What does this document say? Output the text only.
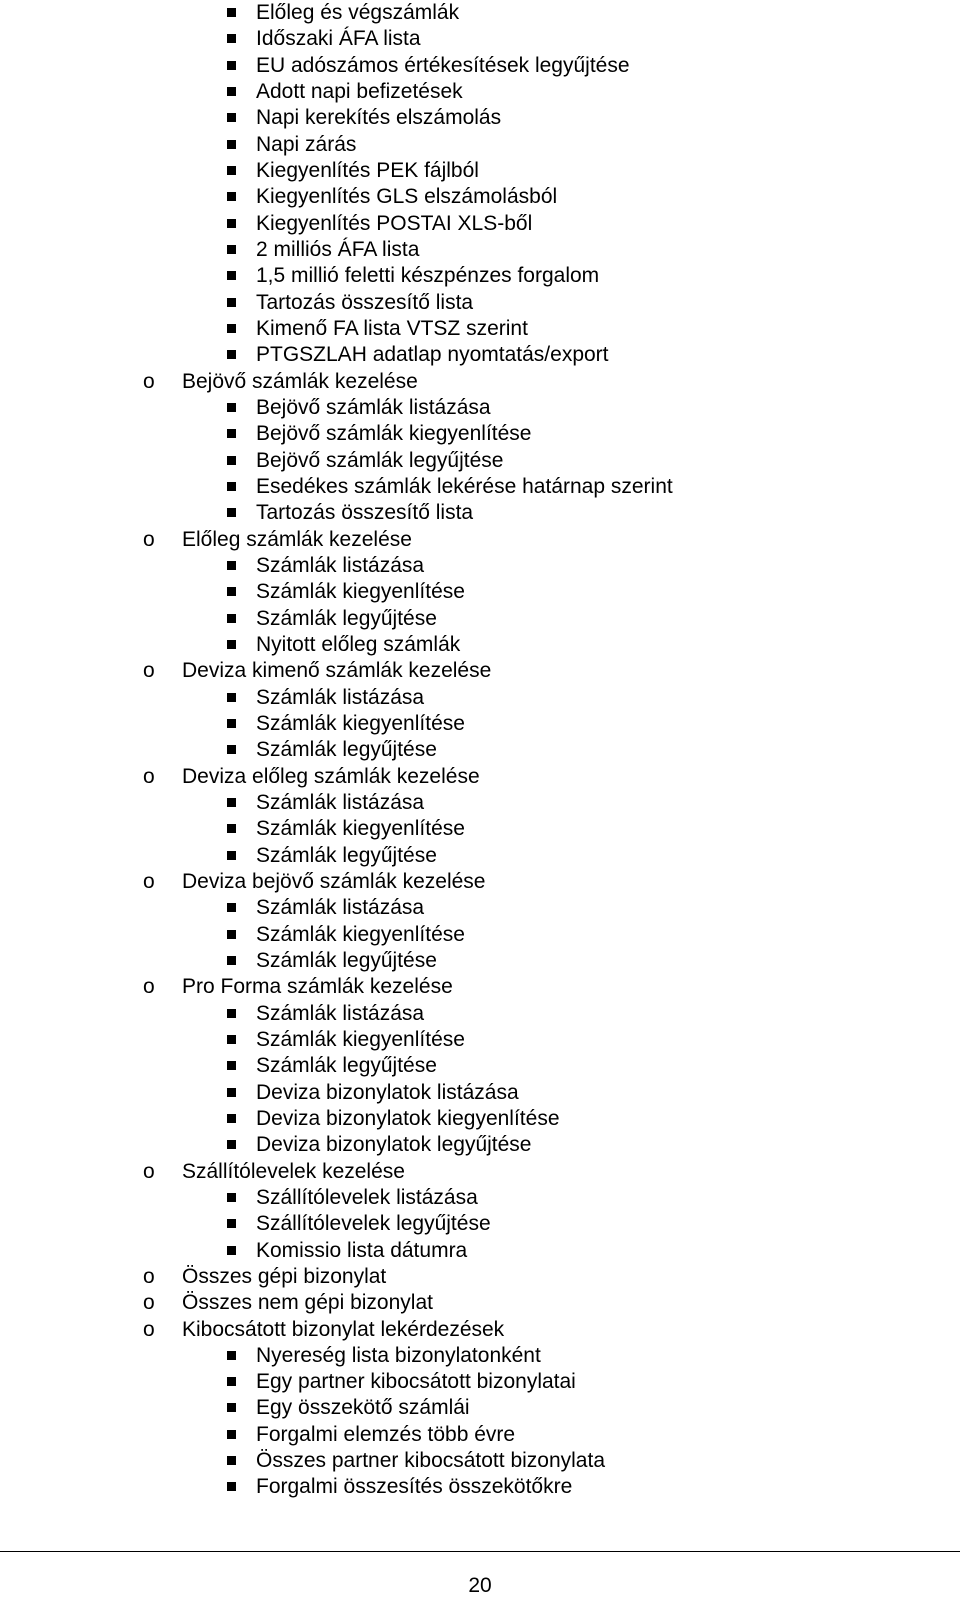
Előleg és végszámlák
Időszaki ÁFA lista
EU adószámos értékesítések legyűjtése
Adott napi befizetések
Napi kerekítés elszámolás
Napi zárás
Kiegyenlítés PEK fájlból
Kiegyenlítés GLS elszámolásból
Kiegyenlítés POSTAI XLS-ből
2 milliós ÁFA lista
1,5 millió feletti készpénzes forgalom
Tartozás összesítő lista
Kimenő FA lista VTSZ szerint
PTGSZLAH adatlap nyomtatás/export
o Bejövő számlák kezelése
Bejövő számlák listázása
Bejövő számlák kiegyenlítése
Bejövő számlák legyűjtése
Esedékes számlák lekérése határnap szerint
Tartozás összesítő lista
o Előleg számlák kezelése
Számlák listázása
Számlák kiegyenlítése
Számlák legyűjtése
Nyitott előleg számlák
o Deviza kimenő számlák kezelése
Számlák listázása
Számlák kiegyenlítése
Számlák legyűjtése
o Deviza előleg számlák kezelése
Számlák listázása
Számlák kiegyenlítése
Számlák legyűjtése
o Deviza bejövő számlák kezelése
Számlák listázása
Számlák kiegyenlítése
Számlák legyűjtése
o Pro Forma számlák kezelése
Számlák listázása
Számlák kiegyenlítése
Számlák legyűjtése
Deviza bizonylatok listázása
Deviza bizonylatok kiegyenlítése
Deviza bizonylatok legyűjtése
o Szállítólevelek kezelése
Szállítólevelek listázása
Szállítólevelek legyűjtése
Komissio lista dátumra
o Összes gépi bizonylat
o Összes nem gépi bizonylat
o Kibocsátott bizonylat lekérdezések
Nyereség lista bizonylatonként
Egy partner kibocsátott bizonylatai
Egy összekötő számlái
Forgalmi elemzés több évre
Összes partner kibocsátott bizonylata
Forgalmi összesítés összekötőkre
20
